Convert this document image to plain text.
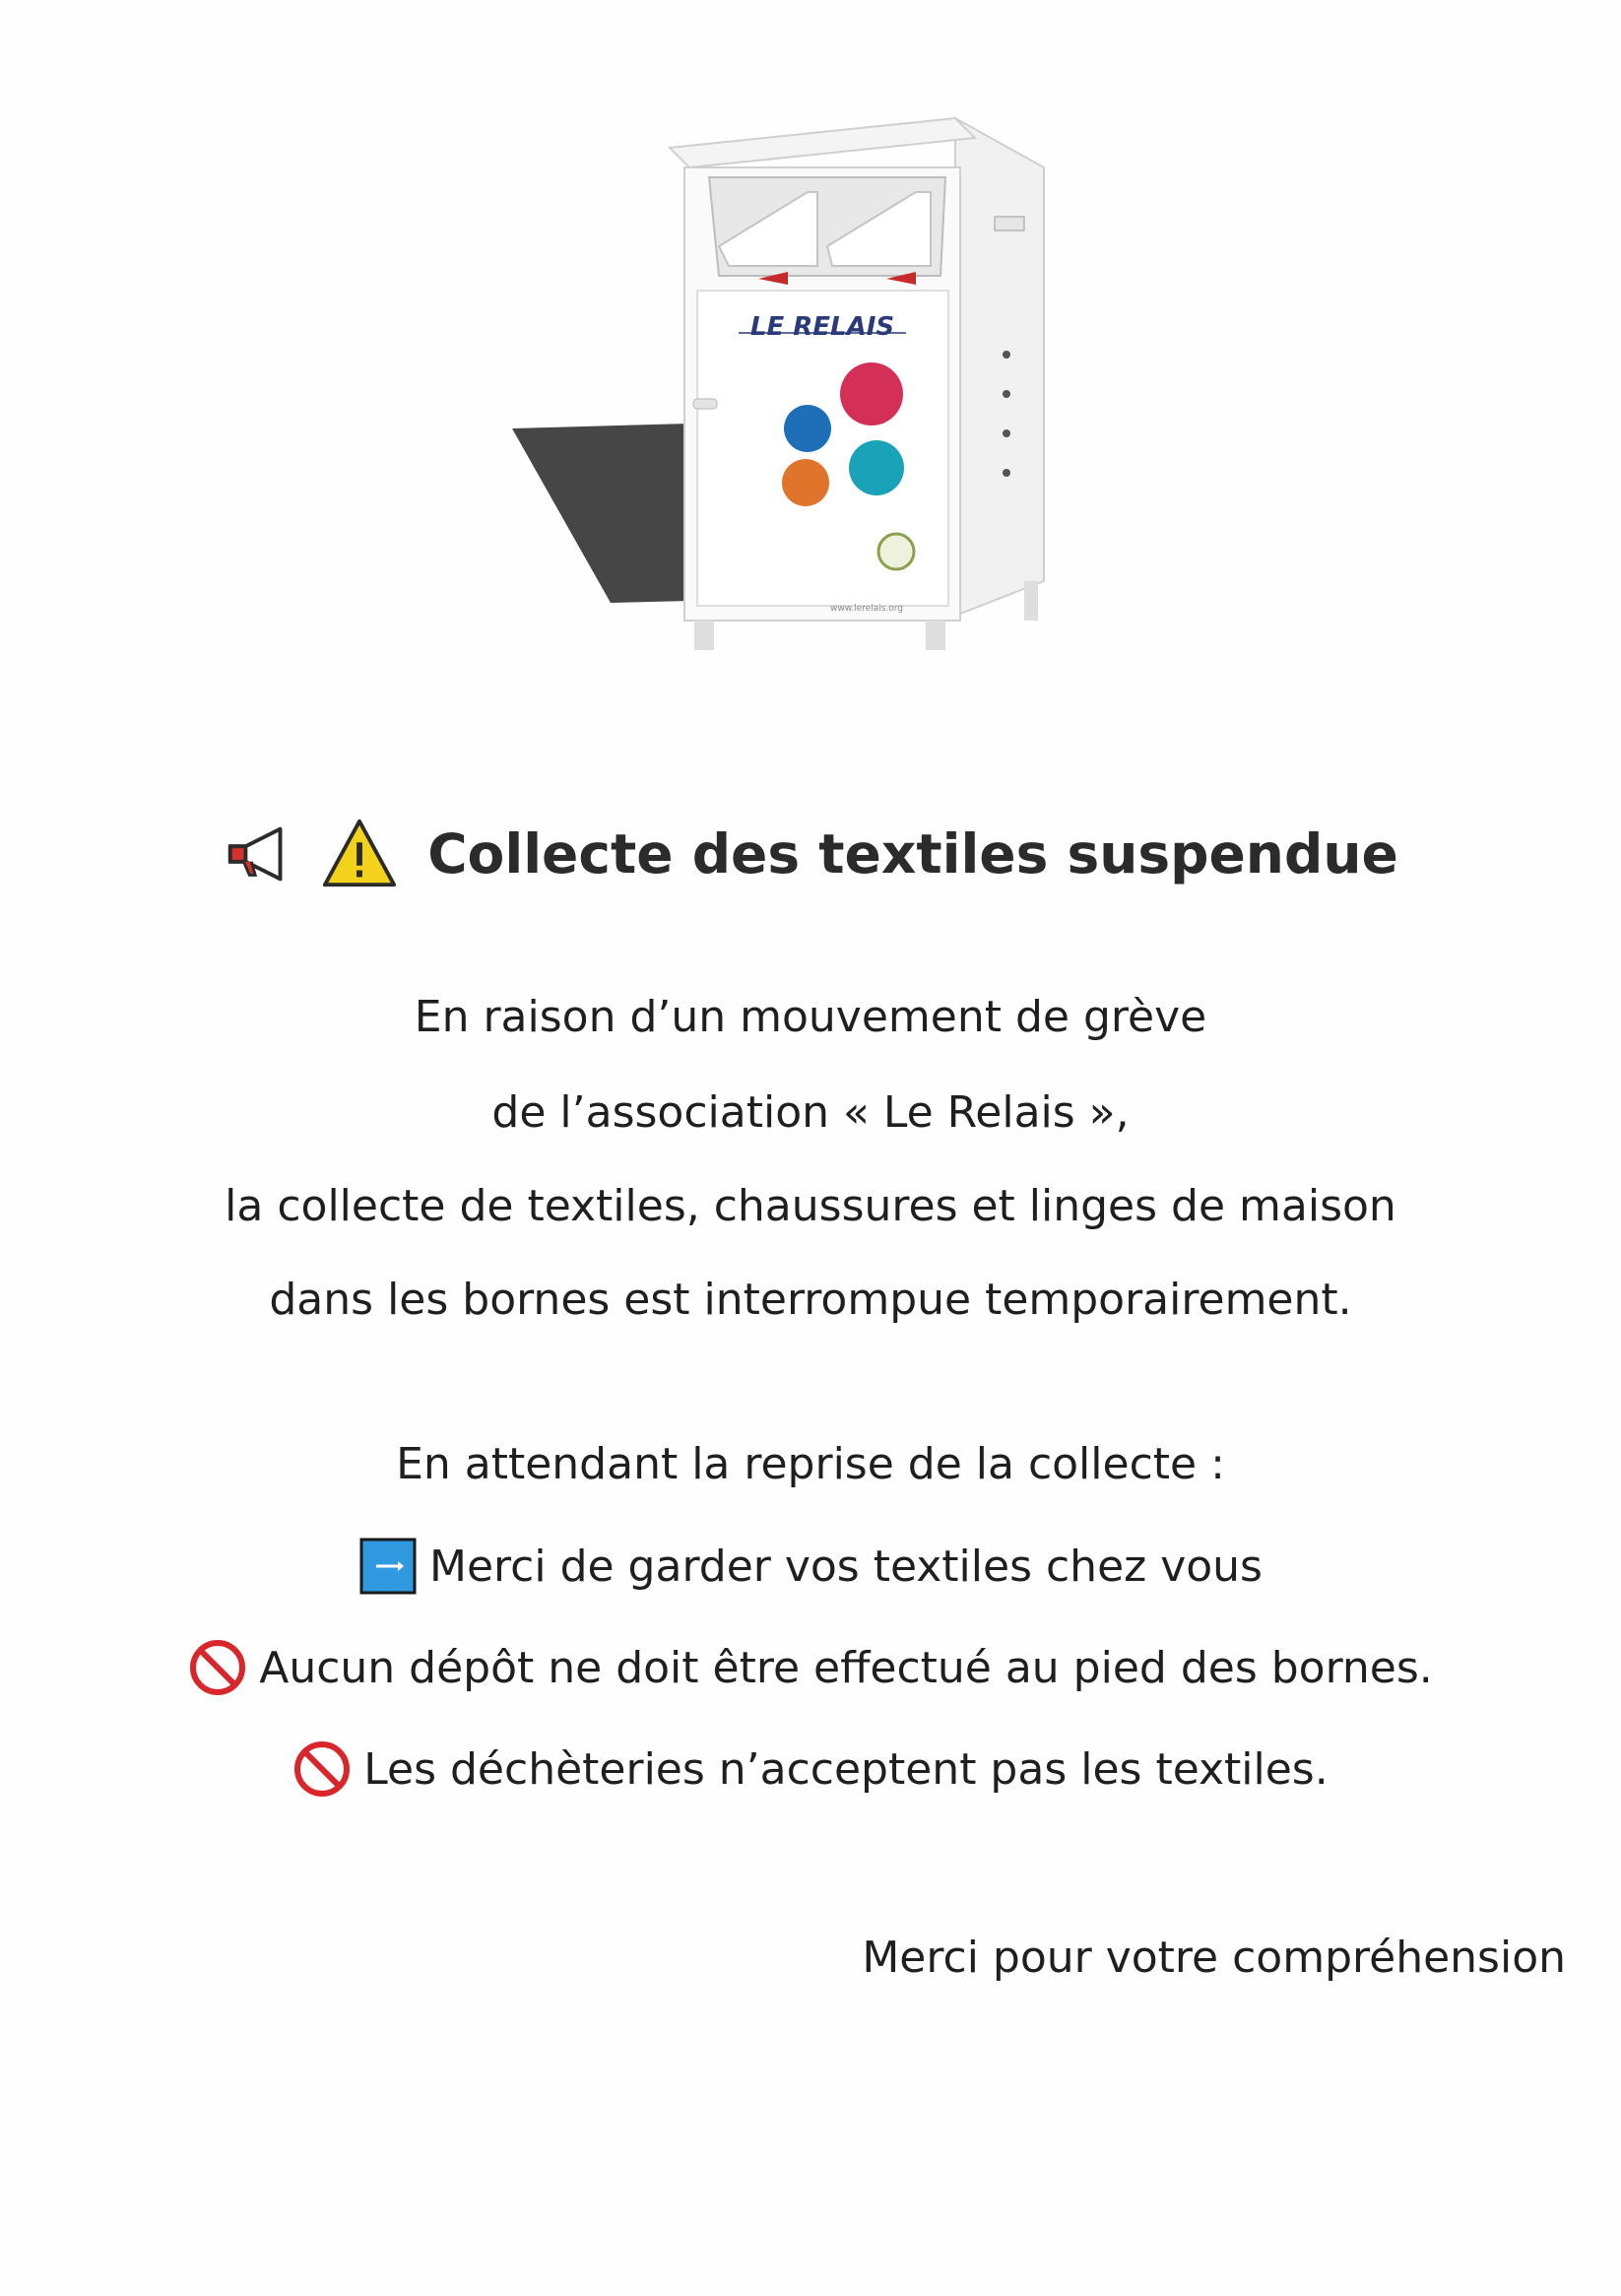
LE RELAIS
www.lerelais.org
Collecte des textiles suspendue
En raison d’un mouvement de grève
de l’association « Le Relais »,
la collecte de textiles, chaussures et linges de maison
dans les bornes est interrompue temporairement.
En attendant la reprise de la collecte :
Merci de garder vos textiles chez vous
Aucun dépôt ne doit être effectué au pied des bornes.
Les déchèteries n’acceptent pas les textiles.
Merci pour votre compréhension
